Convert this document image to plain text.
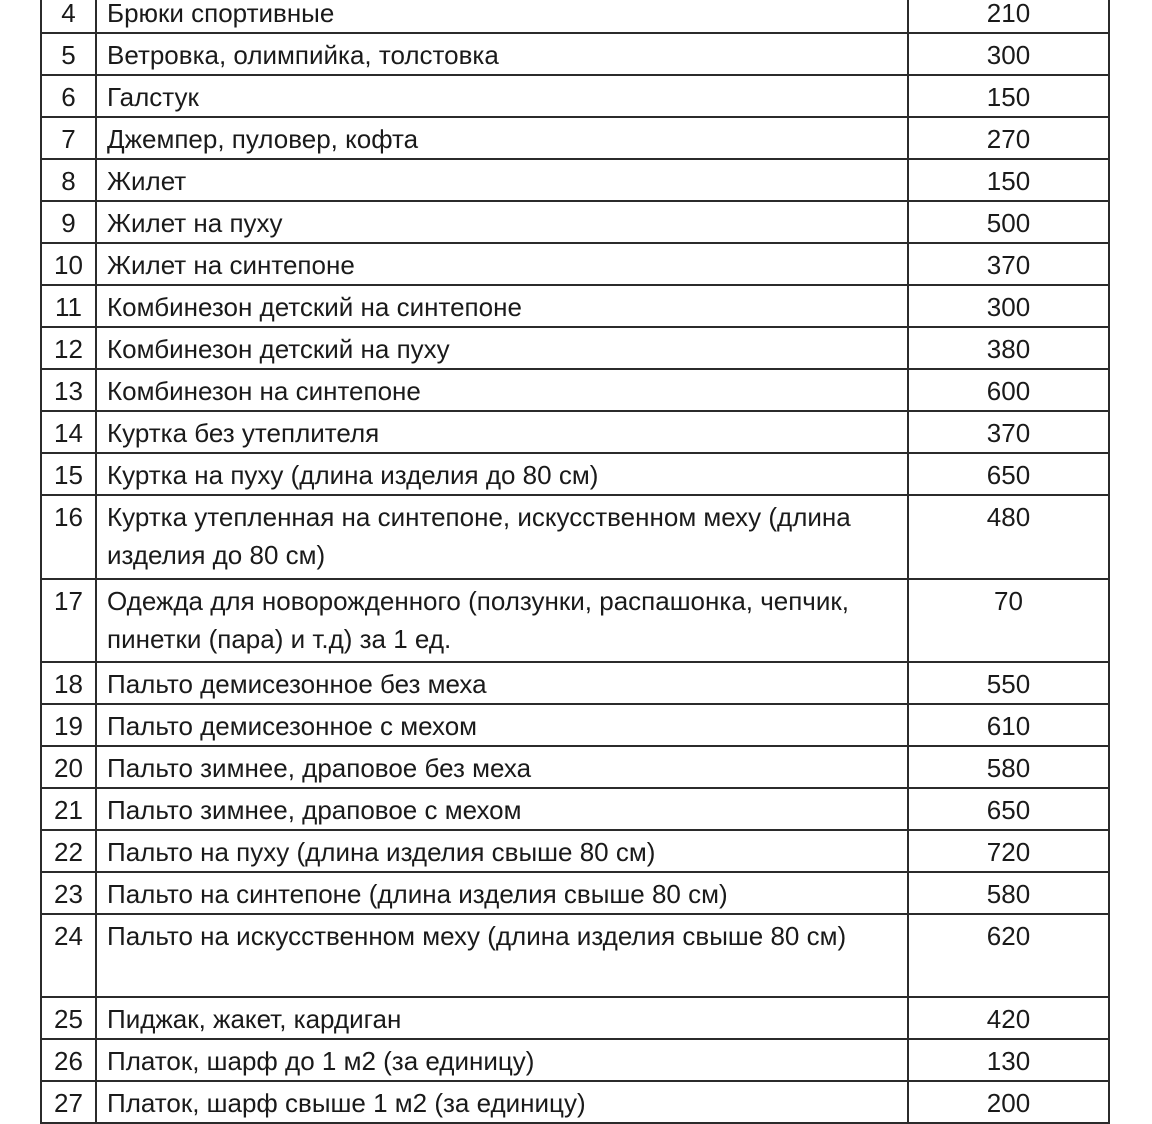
4	Брюки спортивные	210
5	Ветровка, олимпийка, толстовка	300
6	Галстук	150
7	Джемпер, пуловер, кофта	270
8	Жилет	150
9	Жилет на пуху	500
10	Жилет на синтепоне	370
11	Комбинезон детский на синтепоне	300
12	Комбинезон детский на пуху	380
13	Комбинезон на синтепоне	600
14	Куртка без утеплителя	370
15	Куртка на пуху (длина изделия до 80 см)	650
16	Куртка утепленная на синтепоне, искусственном меху (длина изделия до 80 см)	480
17	Одежда для новорожденного (ползунки, распашонка, чепчик, пинетки (пара) и т.д) за 1 ед.	70
18	Пальто демисезонное без меха	550
19	Пальто демисезонное с мехом	610
20	Пальто зимнее, драповое без меха	580
21	Пальто зимнее, драповое с мехом	650
22	Пальто на пуху (длина изделия свыше 80 см)	720
23	Пальто на синтепоне (длина изделия свыше 80 см)	580
24	Пальто на искусственном меху (длина изделия свыше 80 см)	620
25	Пиджак, жакет, кардиган	420
26	Платок, шарф до 1 м2 (за единицу)	130
27	Платок, шарф свыше 1 м2 (за единицу)	200
